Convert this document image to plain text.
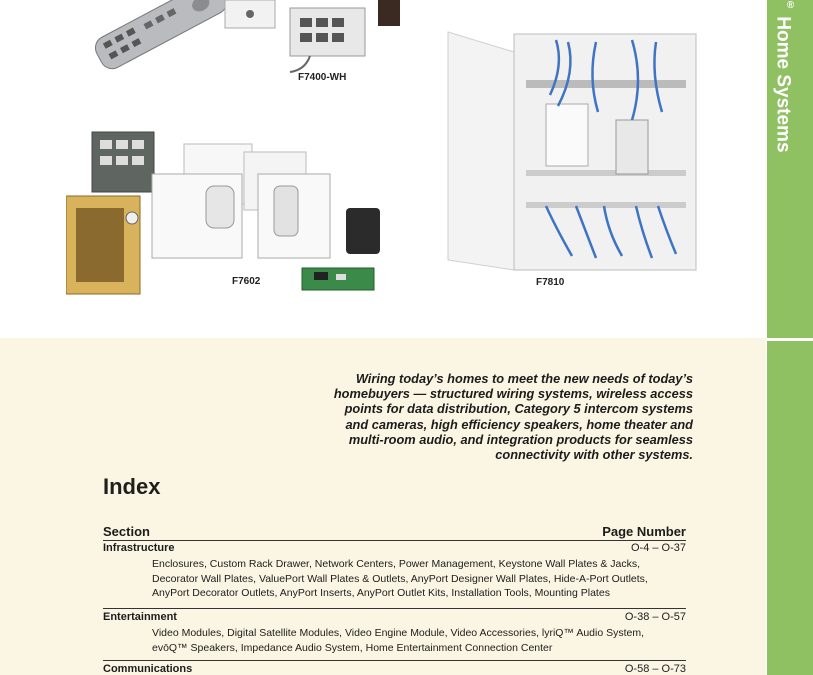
® Home Systems
F7400-WH
F7810
F7602
Wiring today’s homes to meet the new needs of today’s
homebuyers — structured wiring systems, wireless access
points for data distribution, Category 5 intercom systems
and cameras, high efficiency speakers, home theater and
multi-room audio, and integration products for seamless
connectivity with other systems.
Index
Section	Page Number
Infrastructure	O-4 – O-37
Enclosures, Custom Rack Drawer, Network Centers, Power Management, Keystone Wall Plates & Jacks,
Decorator Wall Plates, ValuePort Wall Plates & Outlets, AnyPort Designer Wall Plates, Hide-A-Port Outlets,
AnyPort Decorator Outlets, AnyPort Inserts, AnyPort Outlet Kits, Installation Tools, Mounting Plates
Entertainment	O-38 – O-57
Video Modules, Digital Satellite Modules, Video Engine Module, Video Accessories, lyriQ™ Audio System,
evōQ™ Speakers, Impedance Audio System, Home Entertainment Connection Center
Communications	O-58 – O-73
